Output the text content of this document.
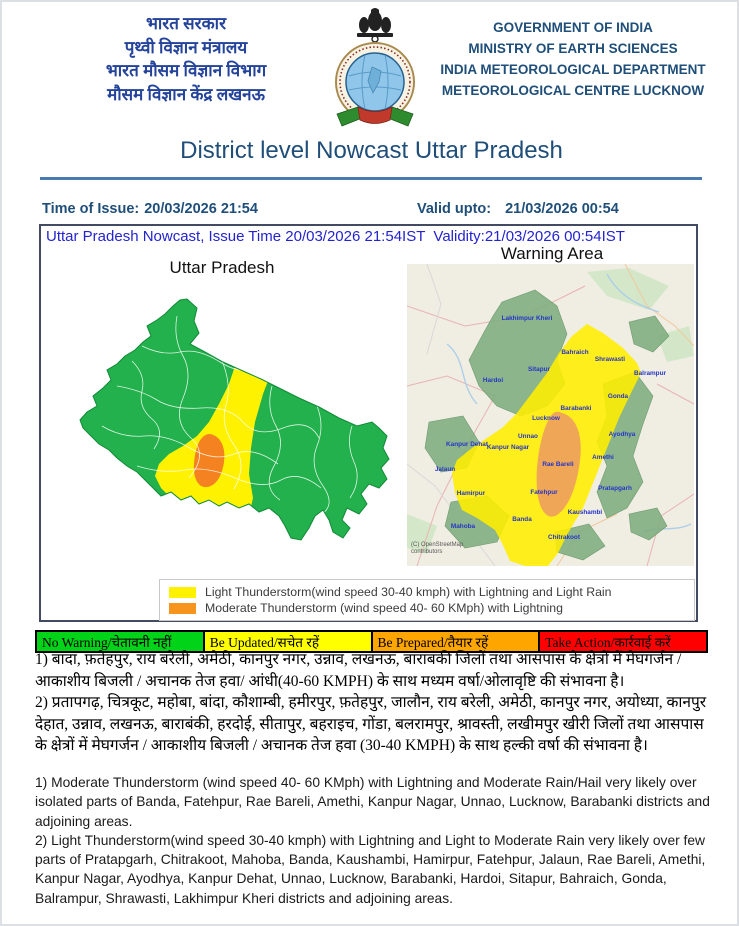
भारत सरकार
पृथ्वी विज्ञान मंत्रालय
भारत मौसम विज्ञान विभाग
मौसम विज्ञान केंद्र लखनऊ
GOVERNMENT OF INDIA
MINISTRY OF EARTH SCIENCES
INDIA METEOROLOGICAL DEPARTMENT
METEOROLOGICAL CENTRE LUCKNOW
District level Nowcast Uttar Pradesh
Time of Issue: 20/03/2026 21:54	Valid upto: 21/03/2026 00:54
Uttar Pradesh Nowcast, Issue Time 20/03/2026 21:54IST  Validity:21/03/2026 00:54IST
Uttar Pradesh
Warning Area
Lakhimpur Kheri
Bahraich
Shrawasti
Balrampur
Sitapur
Hardoi
Gonda
Barabanki
Lucknow
Ayodhya
Unnao
Kanpur Dehat
Kanpur Nagar
Jalaun
Rae Bareli
Amethi
Pratapgarh
Fatehpur
Hamirpur
Kaushambi
Banda
Mahoba
Chitrakoot
(C) OpenStreetMap contributors
Light Thunderstorm(wind speed 30-40 kmph) with Lightning and Light Rain
Moderate Thunderstorm (wind speed 40- 60 KMph) with Lightning
No Warning/चेतावनी नहीं	Be Updated/सचेत रहें	Be Prepared/तैयार रहें	Take Action/कार्रवाई करें

1) बांदा, फ़तेहपुर, राय बरेली, अमेठी, कानपुर नगर, उन्नाव, लखनऊ, बाराबंकी जिलों तथा आसपास के क्षेत्रों में मेघगर्जन / आकाशीय बिजली / अचानक तेज हवा/ आंधी(40-60 KMPH) के साथ मध्यम वर्षा/ओलावृष्टि की संभावना है।

2) प्रतापगढ़, चित्रकूट, महोबा, बांदा, कौशाम्बी, हमीरपुर, फ़तेहपुर, जालौन, राय बरेली, अमेठी, कानपुर नगर, अयोध्या, कानपुर देहात, उन्नाव, लखनऊ, बाराबंकी, हरदोई, सीतापुर, बहराइच, गोंडा, बलरामपुर, श्रावस्ती, लखीमपुर खीरी जिलों तथा आसपास के क्षेत्रों में मेघगर्जन / आकाशीय बिजली / अचानक तेज हवा (30-40 KMPH) के साथ हल्की वर्षा की संभावना है।

1) Moderate Thunderstorm (wind speed 40- 60 KMph) with Lightning and Moderate Rain/Hail very likely over isolated parts of Banda, Fatehpur, Rae Bareli, Amethi, Kanpur Nagar, Unnao, Lucknow, Barabanki districts and adjoining areas.

2) Light Thunderstorm(wind speed 30-40 kmph) with Lightning and Light to Moderate Rain very likely over few parts of Pratapgarh, Chitrakoot, Mahoba, Banda, Kaushambi, Hamirpur, Fatehpur, Jalaun, Rae Bareli, Amethi, Kanpur Nagar, Ayodhya, Kanpur Dehat, Unnao, Lucknow, Barabanki, Hardoi, Sitapur, Bahraich, Gonda, Balrampur, Shrawasti, Lakhimpur Kheri districts and adjoining areas.
